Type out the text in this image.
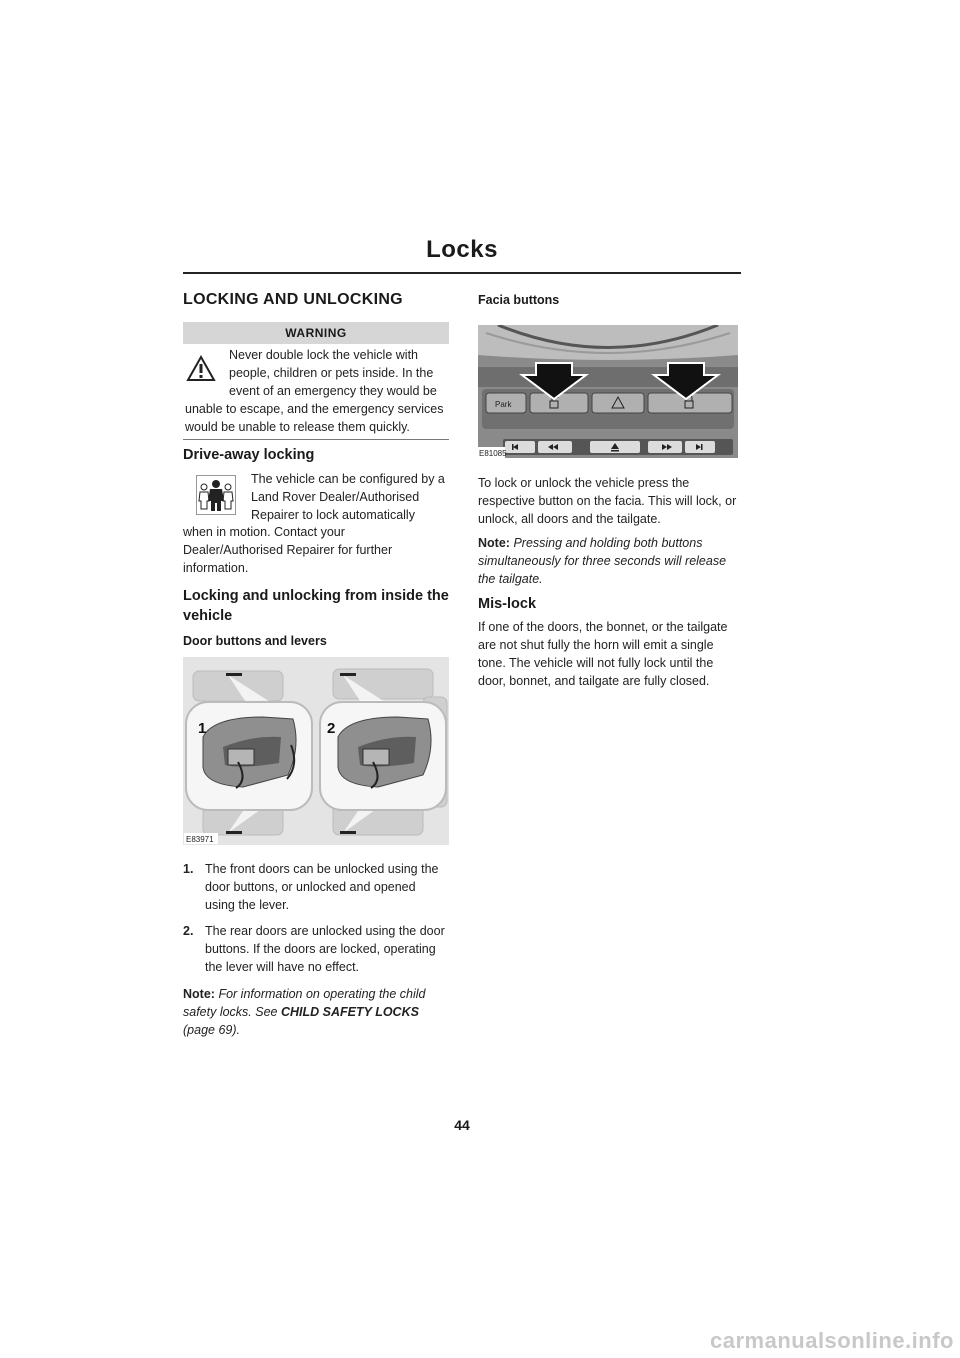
Locks
LOCKING AND UNLOCKING
WARNING

Never double lock the vehicle with

people, children or pets inside. In the

event of an emergency they would be

unable to escape, and the emergency services

would be unable to release them quickly.

Drive-away locking

The vehicle can be configured by a

Land Rover Dealer/Authorised

Repairer to lock automatically

when in motion. Contact your

Dealer/Authorised Repairer for further

information.

Locking and unlocking from inside the

vehicle

Door buttons and levers
1	2
E83971
1. The front doors can be unlocked using the

door buttons, or unlocked and opened

using the lever.

2. The rear doors are unlocked using the door

buttons. If the doors are locked, operating

the lever will have no effect.

Note: For information on operating the child

safety locks. See CHILD SAFETY LOCKS

(page 69).

Facia buttons
Park
E81085

To lock or unlock the vehicle press the

respective button on the facia. This will lock, or

unlock, all doors and the tailgate.

Note: Pressing and holding both buttons

simultaneously for three seconds will release

the tailgate.

Mis-lock

If one of the doors, the bonnet, or the tailgate

are not shut fully the horn will emit a single

tone. The vehicle will not fully lock until the

door, bonnet, and tailgate are fully closed.

44
carmanualsonline.info
